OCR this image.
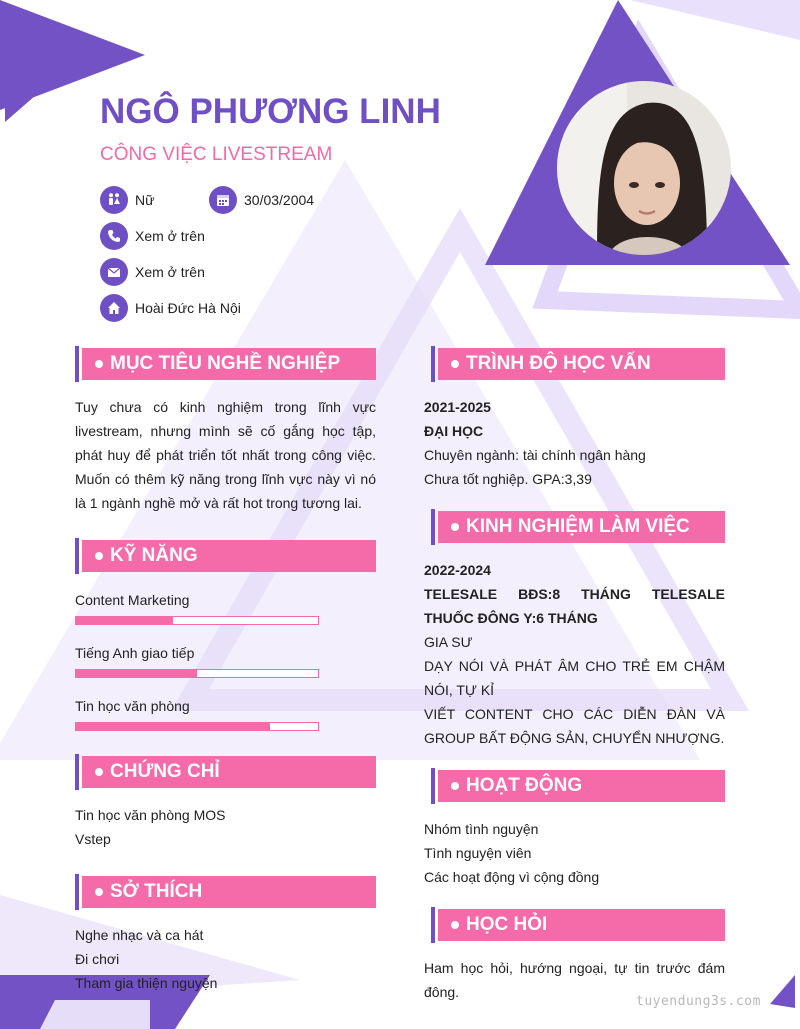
NGÔ PHƯƠNG LINH
CÔNG VIỆC LIVESTREAM
Nữ	30/03/2004
Xem ở trên
Xem ở trên
Hoài Đức Hà Nội
MỤC TIÊU NGHỀ NGHIỆP
Tuy chưa có kinh nghiệm trong lĩnh vực livestream, nhưng mình sẽ cố gắng học tập, phát huy để phát triển tốt nhất trong công việc. Muốn có thêm kỹ năng trong lĩnh vực này vì nó là 1 ngành nghề mở và rất hot trong tương lai.
KỸ NĂNG
Content Marketing
Tiếng Anh giao tiếp
Tin học văn phòng
CHỨNG CHỈ
Tin học văn phòng MOS
Vstep
SỞ THÍCH
Nghe nhạc và ca hát
Đi chơi
Tham gia thiện nguyện
TRÌNH ĐỘ HỌC VẤN
2021-2025
ĐẠI HỌC
Chuyên ngành: tài chính ngân hàng
Chưa tốt nghiệp. GPA:3,39
KINH NGHIỆM LÀM VIỆC
2022-2024
TELESALE BĐS:8 THÁNG TELESALE THUỐC ĐÔNG Y:6 THÁNG
GIA SƯ
DẠY NÓI VÀ PHÁT ÂM CHO TRẺ EM CHẬM NÓI, TỰ KỈ
VIẾT CONTENT CHO CÁC DIỄN ĐÀN VÀ GROUP BẤT ĐỘNG SẢN, CHUYỂN NHƯỢNG.
HOẠT ĐỘNG
Nhóm tình nguyện
Tình nguyện viên
Các hoạt động vì cộng đồng
HỌC HỎI
Ham học hỏi, hướng ngoại, tự tin trước đám đông.
tuyendung3s.com
